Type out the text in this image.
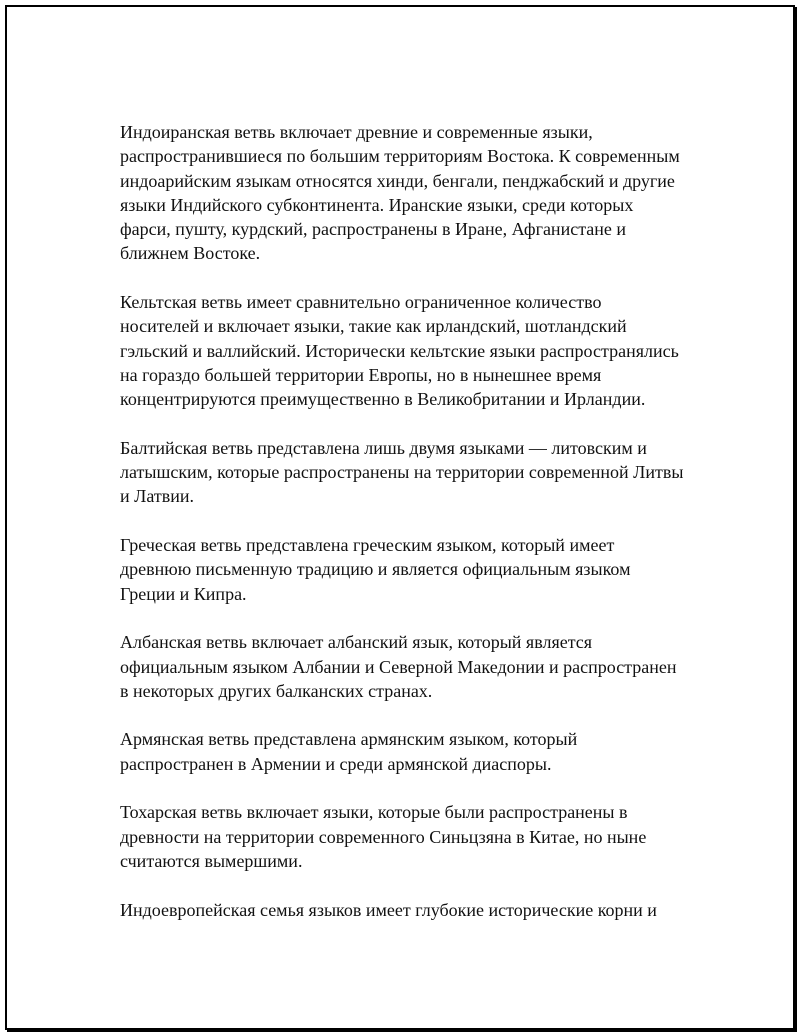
Индоиранская ветвь включает древние и современные языки, распространившиеся по большим территориям Востока. К современным индоарийским языкам относятся хинди, бенгали, пенджабский и другие языки Индийского субконтинента. Иранские языки, среди которых фарси, пушту, курдский, распространены в Иране, Афганистане и ближнем Востоке.

Кельтская ветвь имеет сравнительно ограниченное количество носителей и включает языки, такие как ирландский, шотландский гэльский и валлийский. Исторически кельтские языки распространялись на гораздо большей территории Европы, но в нынешнее время концентрируются преимущественно в Великобритании и Ирландии.

Балтийская ветвь представлена лишь двумя языками — литовским и латышским, которые распространены на территории современной Литвы и Латвии.

Греческая ветвь представлена греческим языком, который имеет древнюю письменную традицию и является официальным языком Греции и Кипра.

Албанская ветвь включает албанский язык, который является официальным языком Албании и Северной Македонии и распространен в некоторых других балканских странах.

Армянская ветвь представлена армянским языком, который распространен в Армении и среди армянской диаспоры.

Тохарская ветвь включает языки, которые были распространены в древности на территории современного Синьцзяна в Китае, но ныне считаются вымершими.

Индоевропейская семья языков имеет глубокие исторические корни и
